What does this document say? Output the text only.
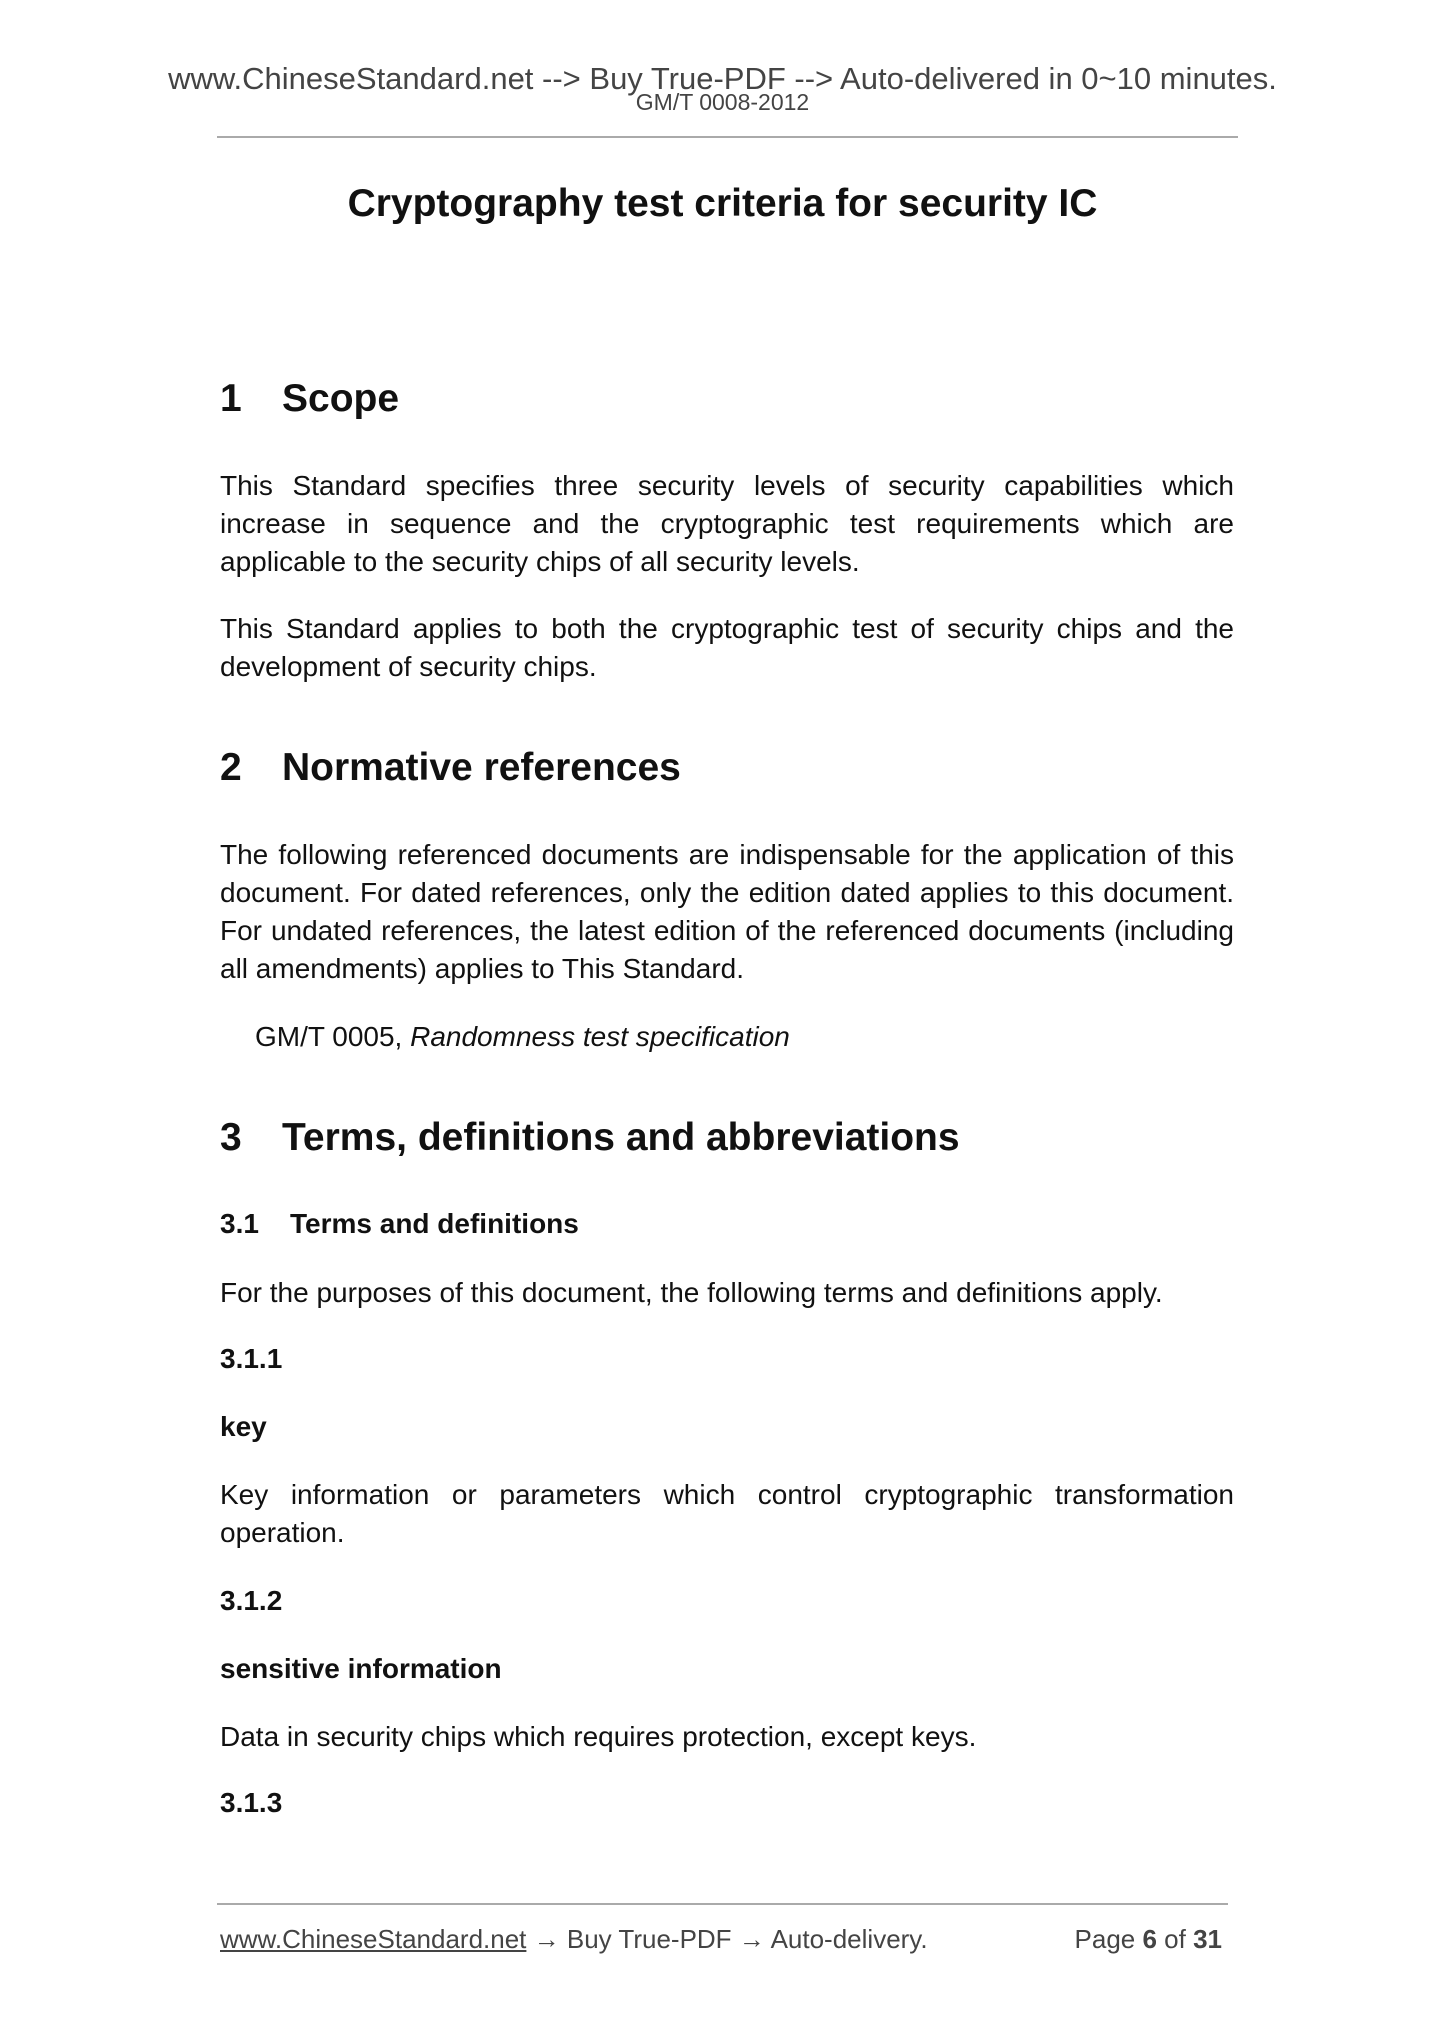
www.ChineseStandard.net --> Buy True-PDF --> Auto-delivered in 0~10 minutes.
GM/T 0008-2012
Cryptography test criteria for security IC
1 Scope
This Standard specifies three security levels of security capabilities which increase in sequence and the cryptographic test requirements which are applicable to the security chips of all security levels.
This Standard applies to both the cryptographic test of security chips and the development of security chips.
2 Normative references
The following referenced documents are indispensable for the application of this document. For dated references, only the edition dated applies to this document. For undated references, the latest edition of the referenced documents (including all amendments) applies to This Standard.
GM/T 0005, Randomness test specification
3 Terms, definitions and abbreviations
3.1 Terms and definitions
For the purposes of this document, the following terms and definitions apply.
3.1.1
key
Key information or parameters which control cryptographic transformation operation.
3.1.2
sensitive information
Data in security chips which requires protection, except keys.
3.1.3
www.ChineseStandard.net → Buy True-PDF → Auto-delivery.	Page 6 of 31
